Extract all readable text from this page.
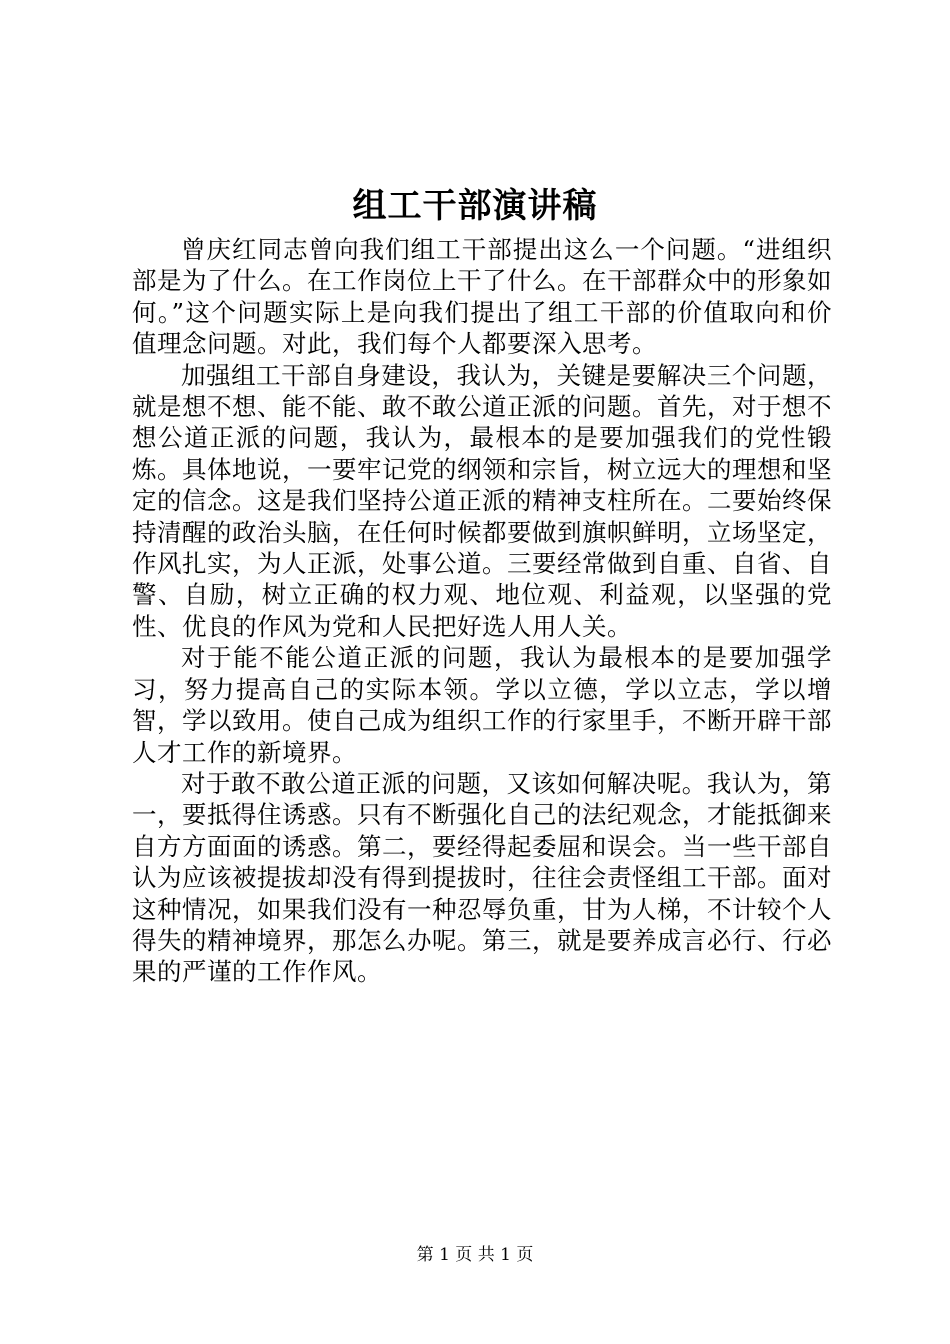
组工干部演讲稿

曾庆红同志曾向我们组工干部提出这么一个问题。“进组织部是为了什么。在工作岗位上干了什么。在干部群众中的形象如何。”这个问题实际上是向我们提出了组工干部的价值取向和价值理念问题。对此，我们每个人都要深入思考。

加强组工干部自身建设，我认为，关键是要解决三个问题，就是想不想、能不能、敢不敢公道正派的问题。首先，对于想不想公道正派的问题，我认为，最根本的是要加强我们的党性锻炼。具体地说，一要牢记党的纲领和宗旨，树立远大的理想和坚定的信念。这是我们坚持公道正派的精神支柱所在。二要始终保持清醒的政治头脑，在任何时候都要做到旗帜鲜明，立场坚定，作风扎实，为人正派，处事公道。三要经常做到自重、自省、自警、自励，树立正确的权力观、地位观、利益观，以坚强的党性、优良的作风为党和人民把好选人用人关。

对于能不能公道正派的问题，我认为最根本的是要加强学习，努力提高自己的实际本领。学以立德，学以立志，学以增智，学以致用。使自己成为组织工作的行家里手，不断开辟干部人才工作的新境界。

对于敢不敢公道正派的问题，又该如何解决呢。我认为，第一，要抵得住诱惑。只有不断强化自己的法纪观念，才能抵御来自方方面面的诱惑。第二，要经得起委屈和误会。当一些干部自认为应该被提拔却没有得到提拔时，往往会责怪组工干部。面对这种情况，如果我们没有一种忍辱负重，甘为人梯，不计较个人得失的精神境界，那怎么办呢。第三，就是要养成言必行、行必果的严谨的工作作风。

第 1 页 共 1 页
